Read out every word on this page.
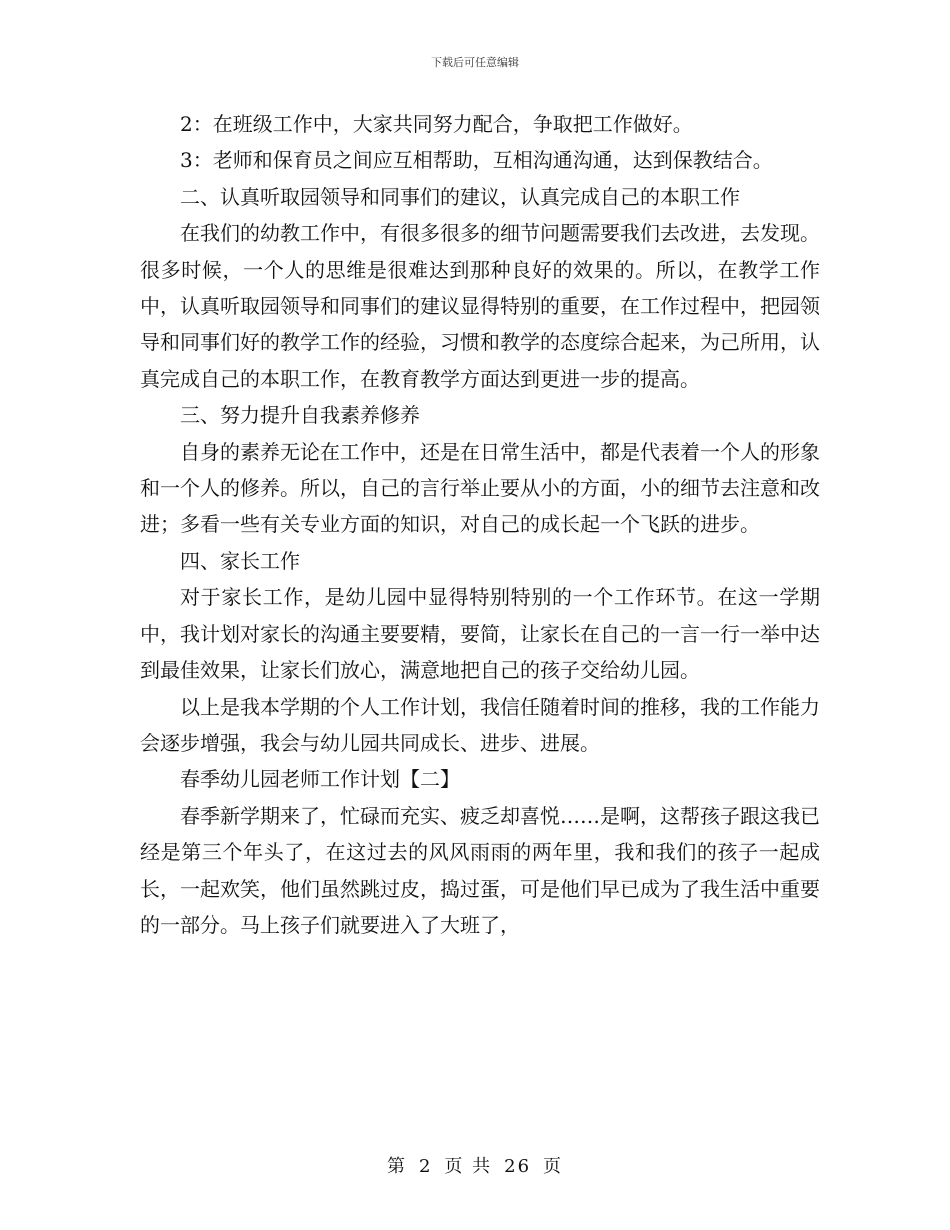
下载后可任意编辑

2：在班级工作中，大家共同努力配合，争取把工作做好。

3：老师和保育员之间应互相帮助，互相沟通沟通，达到保教结合。

二、认真听取园领导和同事们的建议，认真完成自己的本职工作

在我们的幼教工作中，有很多很多的细节问题需要我们去改进，去发现。很多时候，一个人的思维是很难达到那种良好的效果的。所以，在教学工作中，认真听取园领导和同事们的建议显得特别的重要，在工作过程中，把园领导和同事们好的教学工作的经验，习惯和教学的态度综合起来，为己所用，认真完成自己的本职工作，在教育教学方面达到更进一步的提高。

三、努力提升自我素养修养

自身的素养无论在工作中，还是在日常生活中，都是代表着一个人的形象和一个人的修养。所以，自己的言行举止要从小的方面，小的细节去注意和改进；多看一些有关专业方面的知识，对自己的成长起一个飞跃的进步。

四、家长工作

对于家长工作，是幼儿园中显得特别特别的一个工作环节。在这一学期中，我计划对家长的沟通主要要精，要简，让家长在自己的一言一行一举中达到最佳效果，让家长们放心，满意地把自己的孩子交给幼儿园。

以上是我本学期的个人工作计划，我信任随着时间的推移，我的工作能力会逐步增强，我会与幼儿园共同成长、进步、进展。

春季幼儿园老师工作计划【二】

春季新学期来了，忙碌而充实、疲乏却喜悦……是啊，这帮孩子跟这我已经是第三个年头了，在这过去的风风雨雨的两年里，我和我们的孩子一起成长，一起欢笑，他们虽然跳过皮，捣过蛋，可是他们早已成为了我生活中重要的一部分。马上孩子们就要进入了大班了，

第 2 页 共 26 页
